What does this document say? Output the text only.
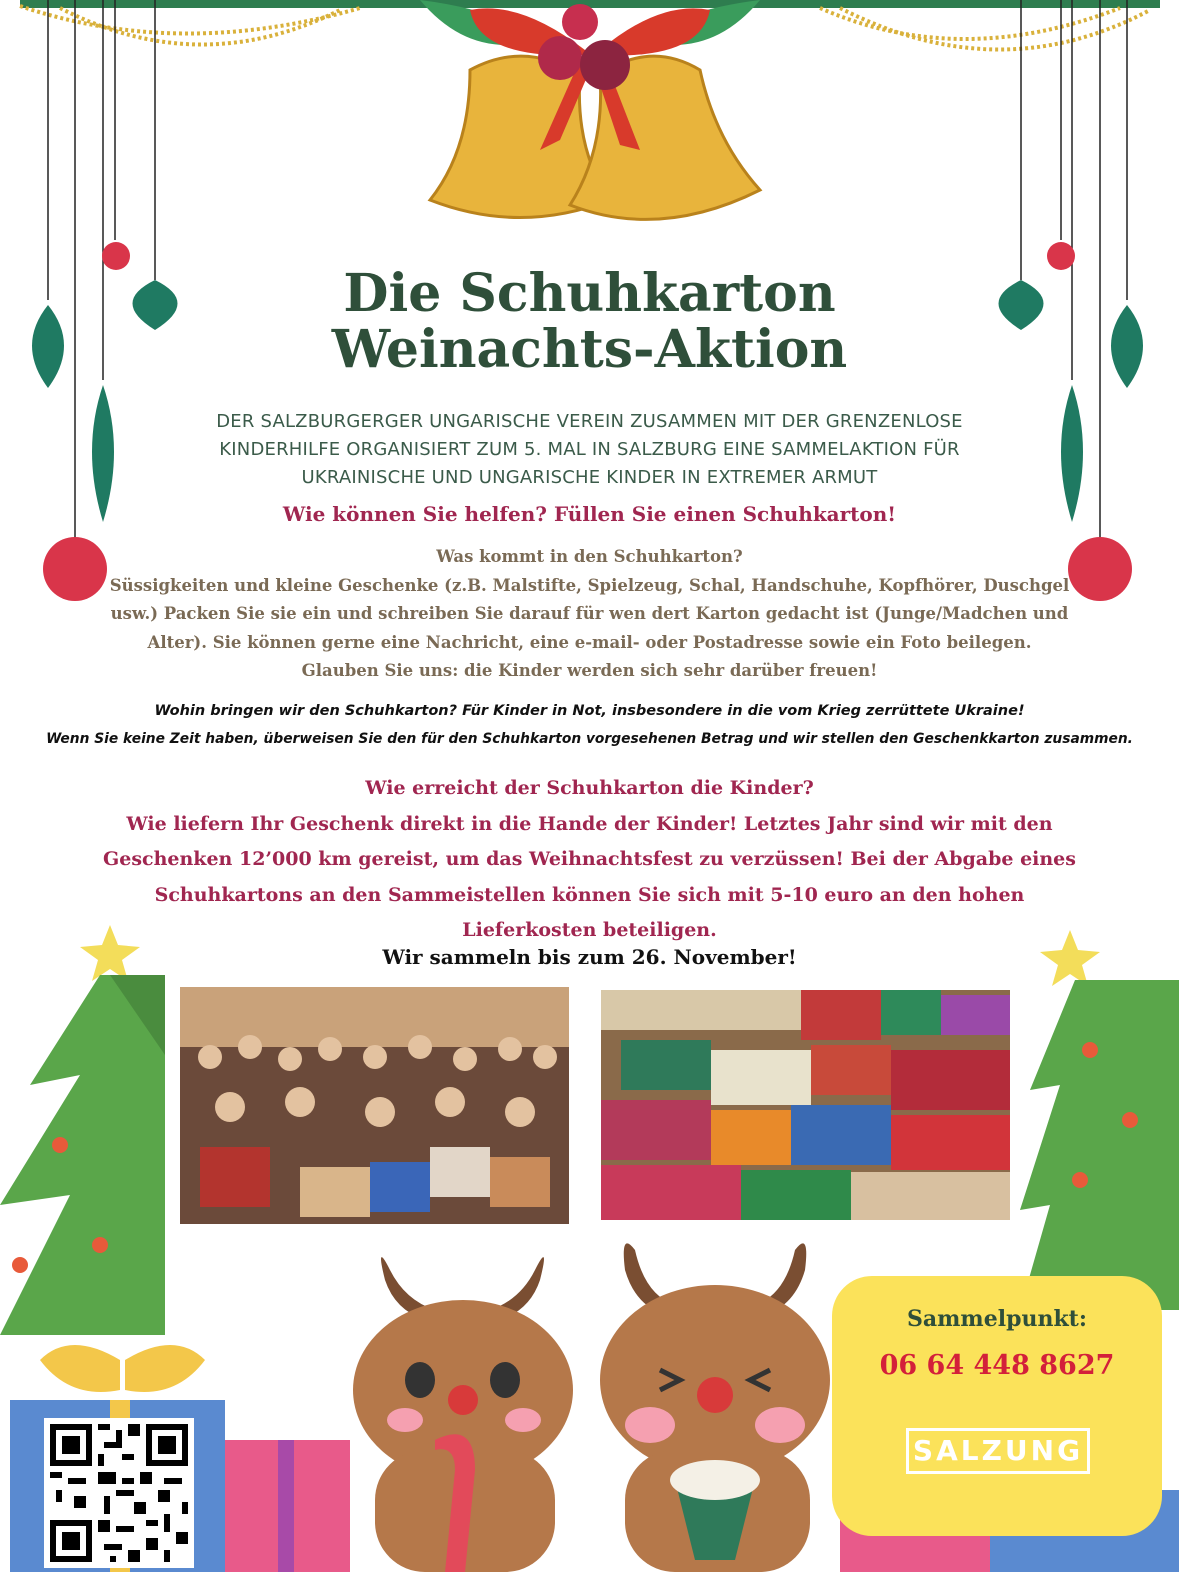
Die Schuhkarton
Weinachts-Aktion
DER SALZBURGERGER UNGARISCHE VEREIN ZUSAMMEN MIT DER GRENZENLOSE
KINDERHILFE ORGANISIERT ZUM 5. MAL IN SALZBURG EINE SAMMELAKTION FÜR
UKRAINISCHE UND UNGARISCHE KINDER IN EXTREMER ARMUT
Wie können Sie helfen? Füllen Sie einen Schuhkarton!
Was kommt in den Schuhkarton?
Süssigkeiten und kleine Geschenke (z.B. Malstifte, Spielzeug, Schal, Handschuhe, Kopfhörer, Duschgel
usw.) Packen Sie sie ein und schreiben Sie darauf für wen dert Karton gedacht ist (Junge/Madchen und
Alter). Sie können gerne eine Nachricht, eine e-mail- oder Postadresse sowie ein Foto beilegen.
Glauben Sie uns: die Kinder werden sich sehr darüber freuen!
Wohin bringen wir den Schuhkarton? Für Kinder in Not, insbesondere in die vom Krieg zerrüttete Ukraine!
Wenn Sie keine Zeit haben, überweisen Sie den für den Schuhkarton vorgesehenen Betrag und wir stellen den Geschenkkarton zusammen.
Wie erreicht der Schuhkarton die Kinder?
Wie liefern Ihr Geschenk direkt in die Hande der Kinder! Letztes Jahr sind wir mit den
Geschenken 12’000 km gereist, um das Weihnachtsfest zu verzüssen! Bei der Abgabe eines
Schuhkartons an den Sammeistellen können Sie sich mit 5-10 euro an den hohen
Lieferkosten beteiligen.
Wir sammeln bis zum 26. November!
Sammelpunkt:
06 64 448 8627
SALZUNG
